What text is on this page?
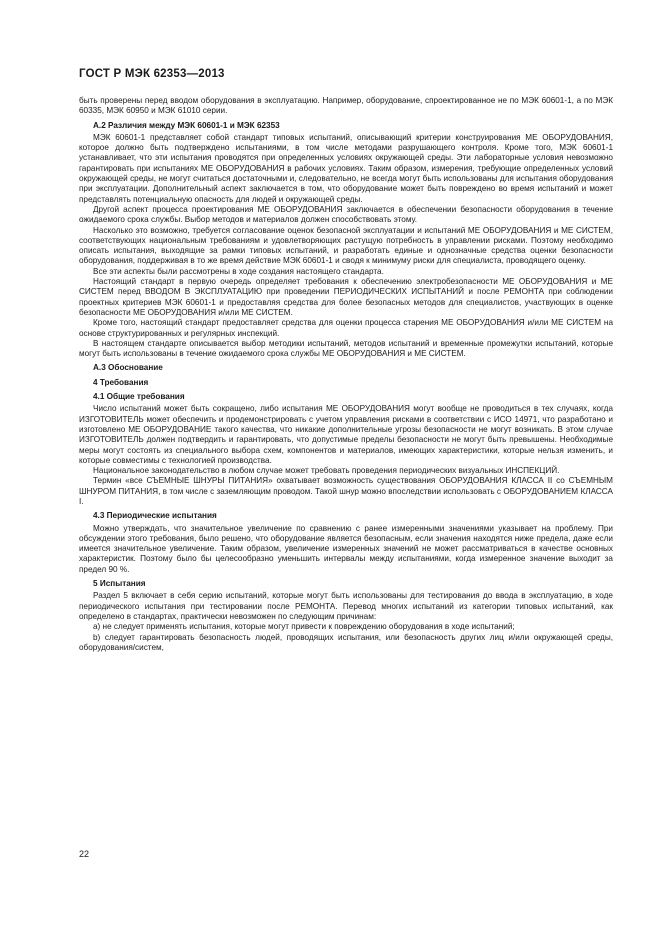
ГОСТ Р МЭК 62353—2013

быть проверены перед вводом оборудования в эксплуатацию. Например, оборудование, спроектированное не по МЭК 60601-1, а по МЭК 60335, МЭК 60950 и МЭК 61010 серии.

А.2 Различия между МЭК 60601-1 и МЭК 62353

МЭК 60601-1 представляет собой стандарт типовых испытаний, описывающий критерии конструирования МЕ ОБОРУДОВАНИЯ, которое должно быть подтверждено испытаниями, в том числе методами разрушающего контроля. Кроме того, МЭК 60601-1 устанавливает, что эти испытания проводятся при определенных условиях окружающей среды. Эти лабораторные условия невозможно гарантировать при испытаниях МЕ ОБОРУДОВАНИЯ в рабочих условиях. Таким образом, измерения, требующие определенных условий окружающей среды, не могут считаться достаточными и, следовательно, не всегда могут быть использованы для испытания оборудования при эксплуатации. Дополнительный аспект заключается в том, что оборудование может быть повреждено во время испытаний и может представлять потенциальную опасность для людей и окружающей среды.

Другой аспект процесса проектирования МЕ ОБОРУДОВАНИЯ заключается в обеспечении безопасности оборудования в течение ожидаемого срока службы. Выбор методов и материалов должен способствовать этому.

Насколько это возможно, требуется согласование оценок безопасной эксплуатации и испытаний МЕ ОБОРУДОВАНИЯ и МЕ СИСТЕМ, соответствующих национальным требованиям и удовлетворяющих растущую потребность в управлении рисками. Поэтому необходимо описать испытания, выходящие за рамки типовых испытаний, и разработать единые и однозначные средства оценки безопасности оборудования, поддерживая в то же время действие МЭК 60601-1 и сводя к минимуму риски для специалиста, проводящего оценку.

Все эти аспекты были рассмотрены в ходе создания настоящего стандарта.

Настоящий стандарт в первую очередь определяет требования к обеспечению электробезопасности МЕ ОБОРУДОВАНИЯ и МЕ СИСТЕМ перед ВВОДОМ В ЭКСПЛУАТАЦИЮ при проведении ПЕРИОДИЧЕСКИХ ИСПЫТАНИЙ и после РЕМОНТА при соблюдении проектных критериев МЭК 60601-1 и предоставляя средства для более безопасных методов для специалистов, участвующих в оценке безопасности МЕ ОБОРУДОВАНИЯ и/или МЕ СИСТЕМ.

Кроме того, настоящий стандарт предоставляет средства для оценки процесса старения МЕ ОБОРУДОВАНИЯ и/или МЕ СИСТЕМ на основе структурированных и регулярных инспекций.

В настоящем стандарте описывается выбор методики испытаний, методов испытаний и временные промежутки испытаний, которые могут быть использованы в течение ожидаемого срока службы МЕ ОБОРУДОВАНИЯ и МЕ СИСТЕМ.

А.3 Обоснование
4 Требования
4.1 Общие требования

Число испытаний может быть сокращено, либо испытания МЕ ОБОРУДОВАНИЯ могут вообще не проводиться в тех случаях, когда ИЗГОТОВИТЕЛЬ может обеспечить и продемонстрировать с учетом управления рисками в соответствии с ИСО 14971, что разработано и изготовлено МЕ ОБОРУДОВАНИЕ такого качества, что никакие дополнительные угрозы безопасности не могут возникать. В этом случае ИЗГОТОВИТЕЛЬ должен подтвердить и гарантировать, что допустимые пределы безопасности не могут быть превышены. Необходимые меры могут состоять из специального выбора схем, компонентов и материалов, имеющих характеристики, которые нельзя изменить, и которые совместимы с технологией производства.

Национальное законодательство в любом случае может требовать проведения периодических визуальных ИНСПЕКЦИЙ.

Термин «все СЪЕМНЫЕ ШНУРЫ ПИТАНИЯ» охватывает возможность существования ОБОРУДОВАНИЯ КЛАССА II со СЪЕМНЫМ ШНУРОМ ПИТАНИЯ, в том числе с заземляющим проводом. Такой шнур можно впоследствии использовать с ОБОРУДОВАНИЕМ КЛАССА I.

4.3 Периодические испытания

Можно утверждать, что значительное увеличение по сравнению с ранее измеренными значениями указывает на проблему. При обсуждении этого требования, было решено, что оборудование является безопасным, если значения находятся ниже предела, даже если имеется значительное увеличение. Таким образом, увеличение измеренных значений не может рассматриваться в качестве основных характеристик. Поэтому было бы целесообразно уменьшить интервалы между испытаниями, когда измеренное значение выходит за предел 90 %.

5 Испытания

Раздел 5 включает в себя серию испытаний, которые могут быть использованы для тестирования до ввода в эксплуатацию, в ходе периодического испытания при тестировании после РЕМОНТА. Перевод многих испытаний из категории типовых испытаний, как определено в стандартах, практически невозможен по следующим причинам:

а) не следует применять испытания, которые могут привести к повреждению оборудования в ходе испытаний;

b) следует гарантировать безопасность людей, проводящих испытания, или безопасность других лиц и/или окружающей среды, оборудования/систем,

22
